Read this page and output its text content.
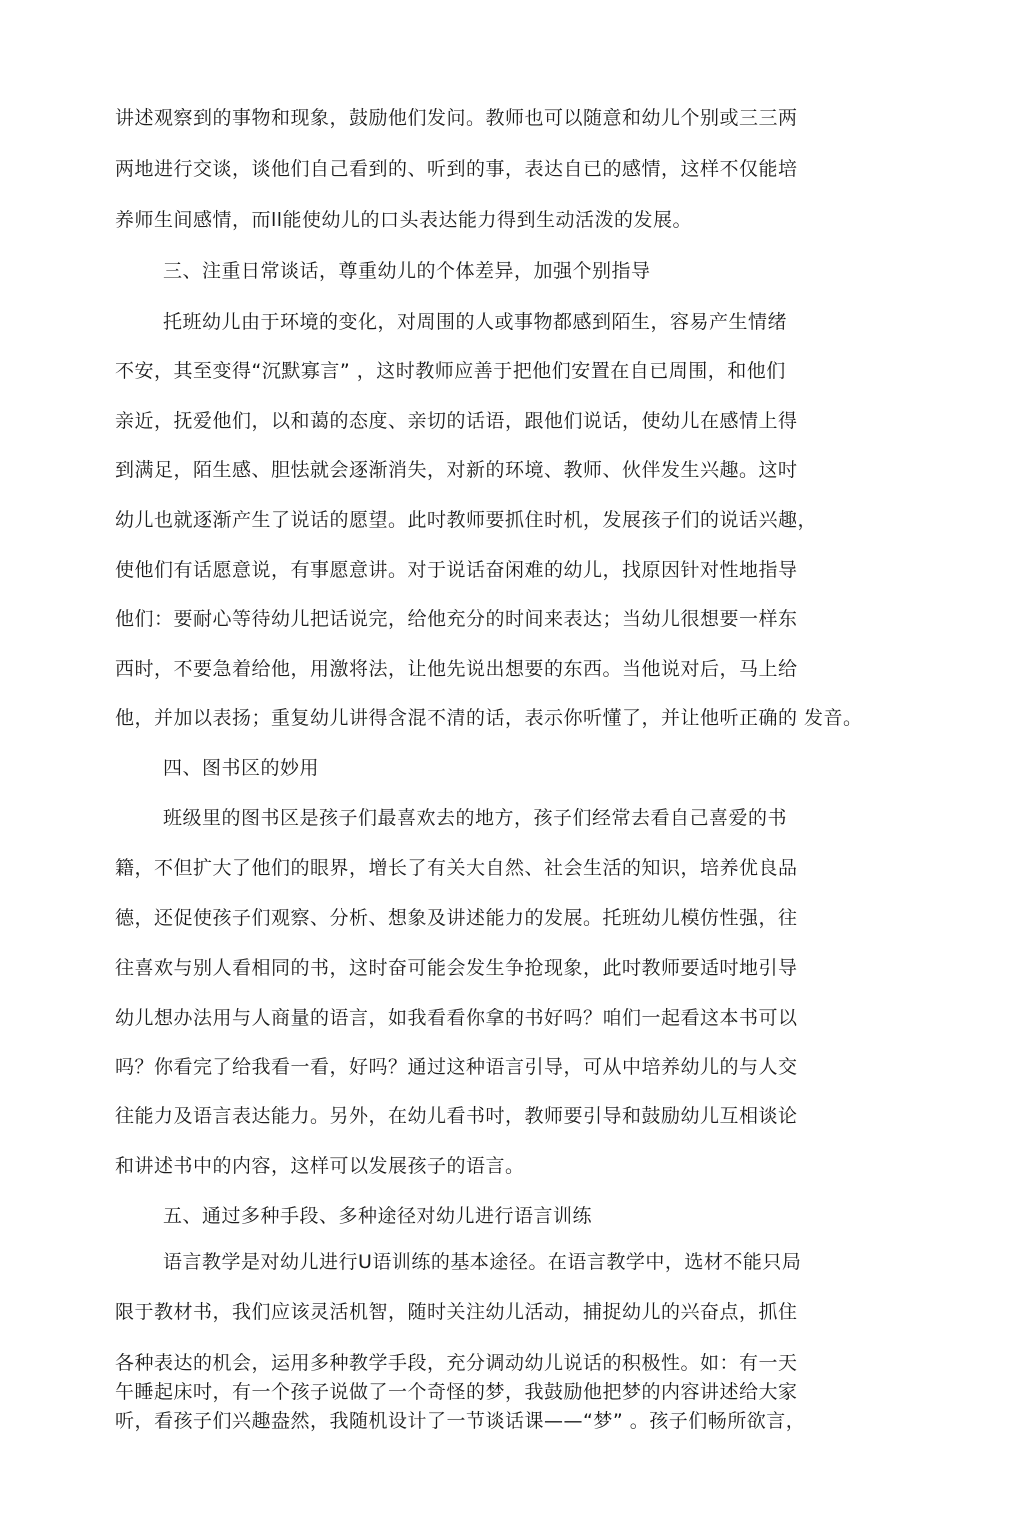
讲述观察到的事物和现象，鼓励他们发问。教师也可以随意和幼儿个别或三三两
两地进行交谈，谈他们自己看到的、听到的事，表达自已的感情，这样不仅能培
养师生间感情，而ll能使幼儿的口头表达能力得到生动活泼的发展。
三、注重日常谈话，尊重幼儿的个体差异，加强个别指导
托班幼儿由于环境的变化，对周围的人或事物都感到陌生，容易产生情绪
不安，其至变得“沉默寡言” ，这时教师应善于把他们安置在自已周围，和他们
亲近，抚爱他们，以和蔼的态度、亲切的话语，跟他们说话，使幼儿在感情上得
到满足，陌生感、胆怯就会逐渐消失，对新的环境、教师、伙伴发生兴趣。这吋
幼儿也就逐渐产生了说话的愿望。此吋教师要抓住时机，发展孩子们的说话兴趣，
使他们有话愿意说，有事愿意讲。对于说话奋闲难的幼儿，找原因针对性地指导
他们：要耐心等待幼儿把话说完，给他充分的时间来表达；当幼儿很想要一样东
西时，不要急着给他，用激将法，让他先说出想要的东西。当他说对后，马上给
他，并加以表扬；重复幼儿讲得含混不清的话，表示你听懂了，并让他听正确的 发音。
四、图书区的妙用
班级里的图书区是孩子们最喜欢去的地方，孩子们经常去看自己喜爱的书
籍，不但扩大了他们的眼界，增长了有关大自然、社会生活的知识，培养优良品
德，还促使孩子们观察、分析、想象及讲述能力的发展。托班幼儿模仿性强，往
往喜欢与别人看相同的书，这时奋可能会发生争抢现象，此吋教师要适吋地引导
幼儿想办法用与人商量的语言，如我看看你拿的书好吗？咱们一起看这本书可以
吗？你看完了给我看一看，好吗？通过这种语言引导，可从中培养幼儿的与人交
往能力及语言表达能力。另外，在幼儿看书吋，教师要引导和鼓励幼儿互相谈论
和讲述书中的内容，这样可以发展孩子的语言。
五、通过多种手段、多种途径对幼儿进行语言训练
语言教学是对幼儿进行U语训练的基本途径。在语言教学中，选材不能只局
限于教材书，我们应该灵活机智，随时关注幼儿活动，捕捉幼儿的兴奋点，抓住
各种表达的机会，运用多种教学手段，充分调动幼儿说话的积极性。如：有一天
午睡起床吋，有一个孩子说做了一个奇怪的梦，我鼓励他把梦的内容讲述给大家
听，看孩子们兴趣盎然，我随机设计了一节谈话课——“梦” 。孩子们畅所欲言，
